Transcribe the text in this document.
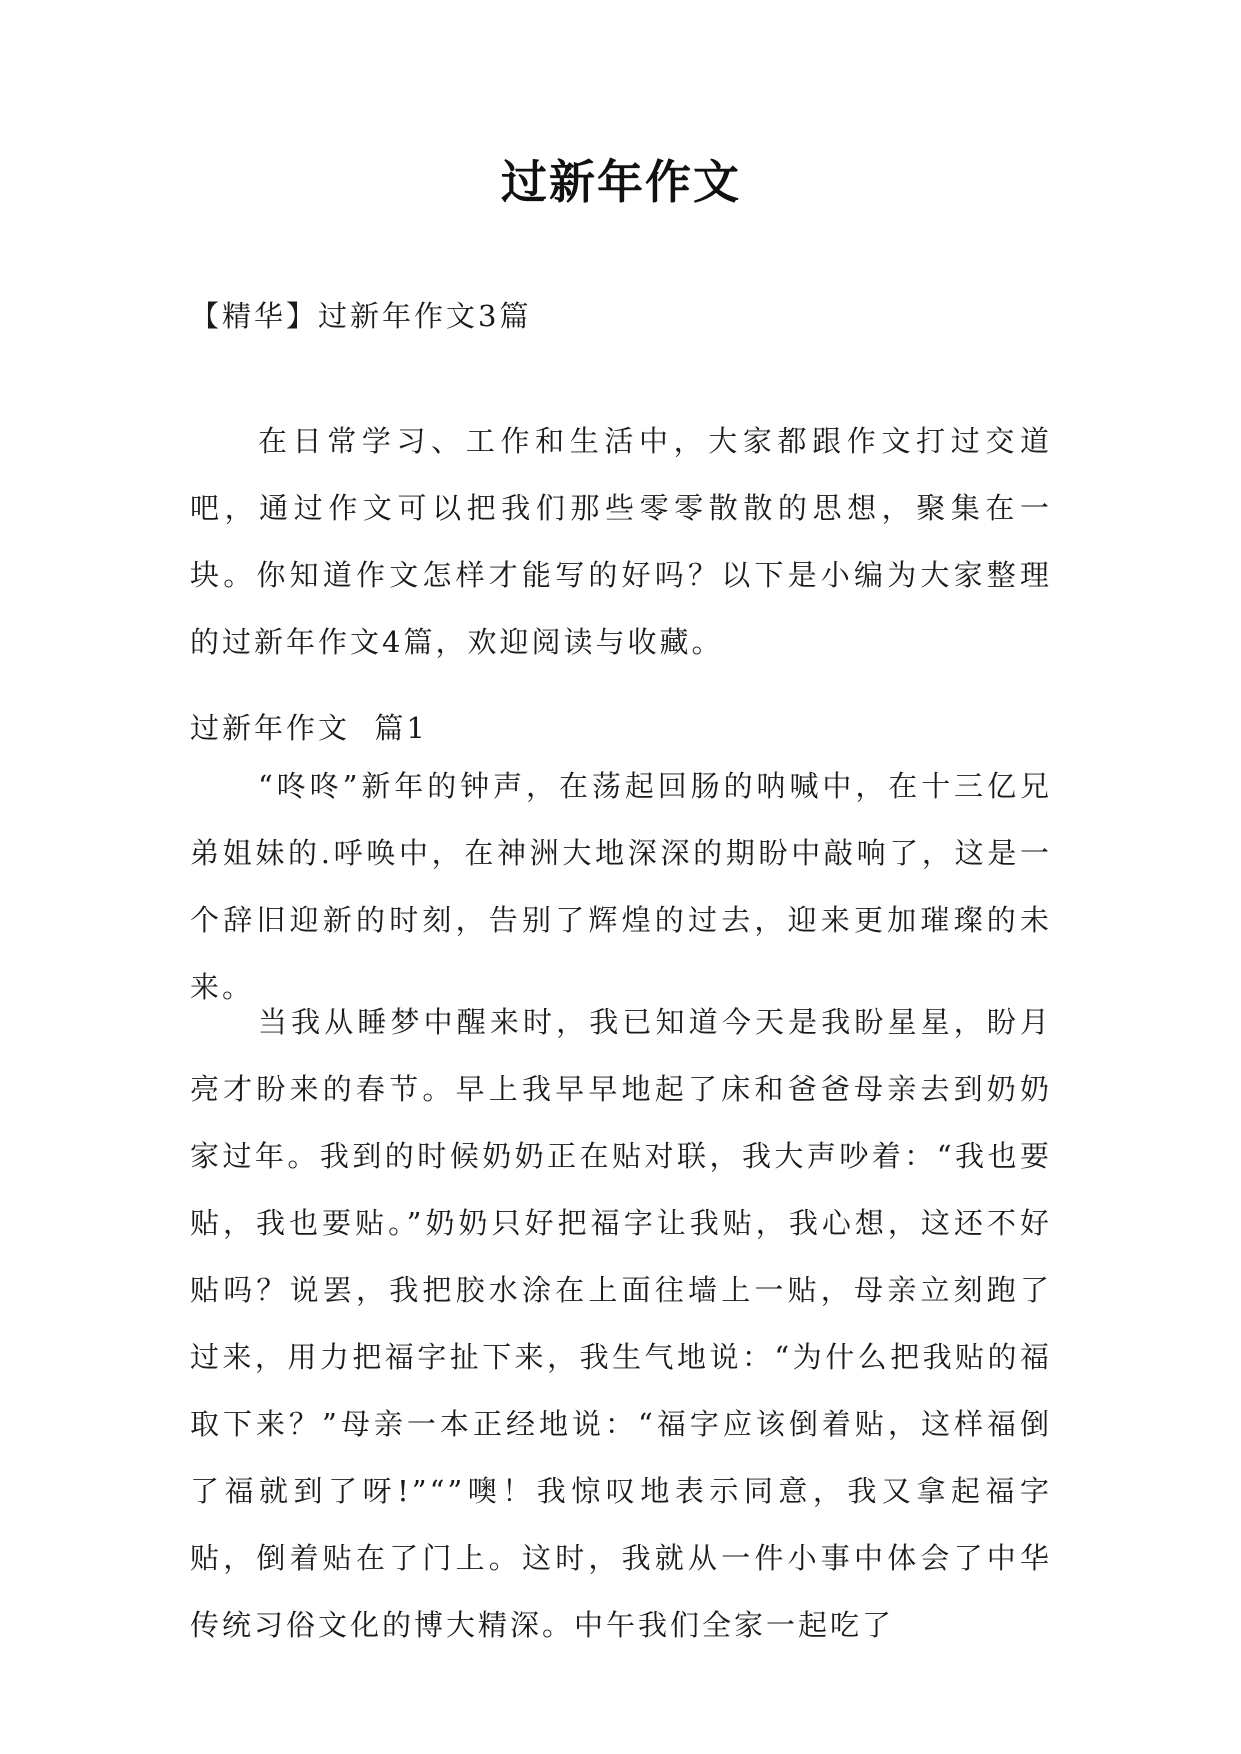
过新年作文
【精华】过新年作文3篇

在日常学习、工作和生活中，大家都跟作文打过交道吧，通过作文可以把我们那些零零散散的思想，聚集在一块。你知道作文怎样才能写的好吗？以下是小编为大家整理的过新年作文4篇，欢迎阅读与收藏。

过新年作文  篇1

“咚咚”新年的钟声，在荡起回肠的呐喊中，在十三亿兄弟姐妹的.呼唤中，在神洲大地深深的期盼中敲响了，这是一个辞旧迎新的时刻，告别了辉煌的过去，迎来更加璀璨的未来。

当我从睡梦中醒来时，我已知道今天是我盼星星，盼月亮才盼来的春节。早上我早早地起了床和爸爸母亲去到奶奶家过年。我到的时候奶奶正在贴对联，我大声吵着：“我也要贴，我也要贴。”奶奶只好把福字让我贴，我心想，这还不好贴吗？说罢，我把胶水涂在上面往墙上一贴，母亲立刻跑了过来，用力把福字扯下来，我生气地说：“为什么把我贴的福取下来？”母亲一本正经地说：“福字应该倒着贴，这样福倒了福就到了呀!”“”噢！我惊叹地表示同意，我又拿起福字贴，倒着贴在了门上。这时，我就从一件小事中体会了中华传统习俗文化的博大精深。中午我们全家一起吃了
